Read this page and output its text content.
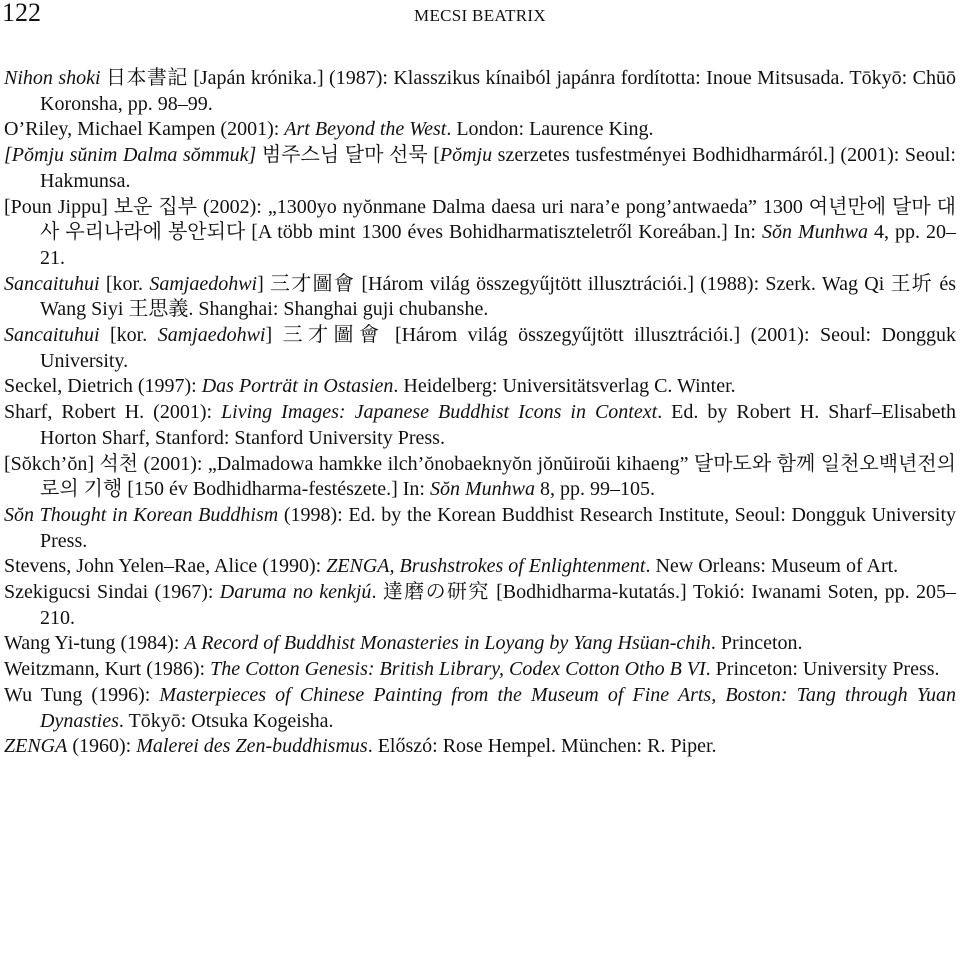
122	MECSI BEATRIX
Nihon shoki 日本書記 [Japán krónika.] (1987): Klasszikus kínaiból japánra fordította: Inoue Mitsusada. Tōkyō: Chūō Koronsha, pp. 98–99.
O’Riley, Michael Kampen (2001): Art Beyond the West. London: Laurence King.
[Pŏmju sŭnim Dalma sŏmmuk] 범주스님 달마 선묵 [Pŏmju szerzetes tusfestményei Bodhidharmáról.] (2001): Seoul: Hakmunsa.
[Poun Jippu] 보운 집부 (2002): „1300yo nyŏnmane Dalma daesa uri nara’e pong’antwaeda” 1300 여년만에 달마 대사 우리나라에 봉안되다 [A több mint 1300 éves Bohidharmatiszteletről Koreában.] In: Sŏn Munhwa 4, pp. 20–21.
Sancaituhui [kor. Samjaedohwi] 三才圖會 [Három világ összegyűjtött illusztrációi.] (1988): Szerk. Wag Qi 王圻 és Wang Siyi 王思義. Shanghai: Shanghai guji chubanshe.
Sancaituhui [kor. Samjaedohwi] 三才圖會 [Három világ összegyűjtött illusztrációi.] (2001): Seoul: Dongguk University.
Seckel, Dietrich (1997): Das Porträt in Ostasien. Heidelberg: Universitätsverlag C. Winter.
Sharf, Robert H. (2001): Living Images: Japanese Buddhist Icons in Context. Ed. by Robert H. Sharf–Elisabeth Horton Sharf, Stanford: Stanford University Press.
[Sŏkch’ŏn] 석천 (2001): „Dalmadowa hamkke ilch’ŏnobaeknyŏn jŏnŭiroŭi kihaeng” 달마도와 함께 일천오백년전의로의 기행 [150 év Bodhidharma-festészete.] In: Sŏn Munhwa 8, pp. 99–105.
Sŏn Thought in Korean Buddhism (1998): Ed. by the Korean Buddhist Research Institute, Seoul: Dongguk University Press.
Stevens, John Yelen–Rae, Alice (1990): ZENGA, Brushstrokes of Enlightenment. New Orleans: Museum of Art.
Szekigucsi Sindai (1967): Daruma no kenkjú. 達磨の研究 [Bodhidharma-kutatás.] Tokió: Iwanami Soten, pp. 205–210.
Wang Yi-tung (1984): A Record of Buddhist Monasteries in Loyang by Yang Hsüan-chih. Princeton.
Weitzmann, Kurt (1986): The Cotton Genesis: British Library, Codex Cotton Otho B VI. Princeton: University Press.
Wu Tung (1996): Masterpieces of Chinese Painting from the Museum of Fine Arts, Boston: Tang through Yuan Dynasties. Tōkyō: Otsuka Kogeisha.
ZENGA (1960): Malerei des Zen-buddhismus. Előszó: Rose Hempel. München: R. Piper.
